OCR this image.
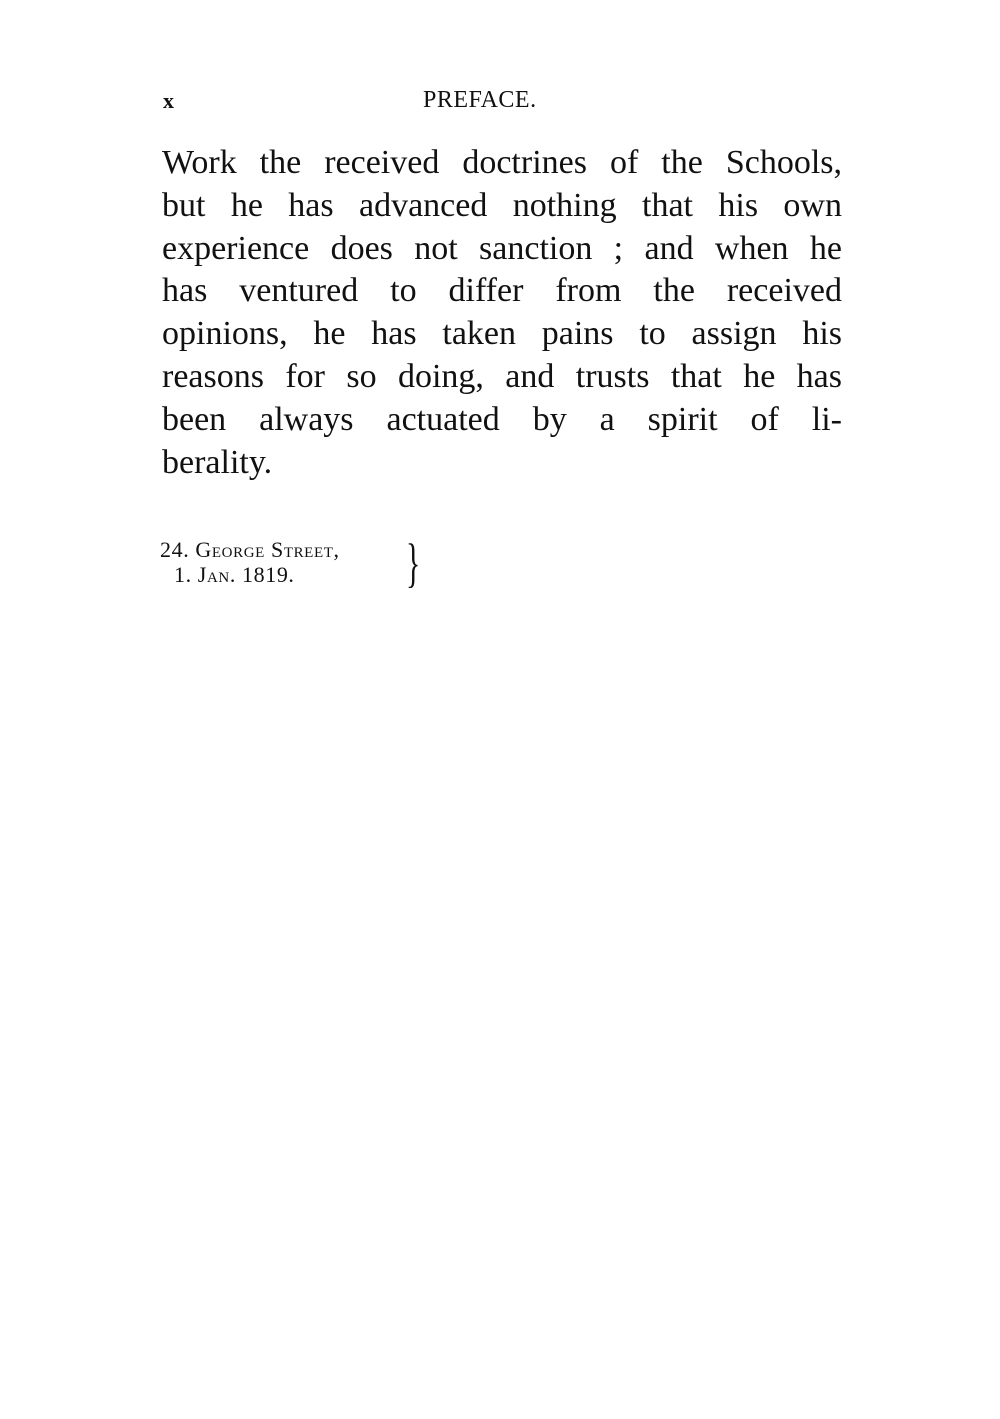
x	PREFACE.
Work the received doctrines of the Schools,
but he has advanced nothing that his own
experience does not sanction ; and when he
has ventured to differ from the received
opinions, he has taken pains to assign his
reasons for so doing, and trusts that he has
been always actuated by a spirit of li-
berality.
24. George Street,
1. Jan. 1819. }
